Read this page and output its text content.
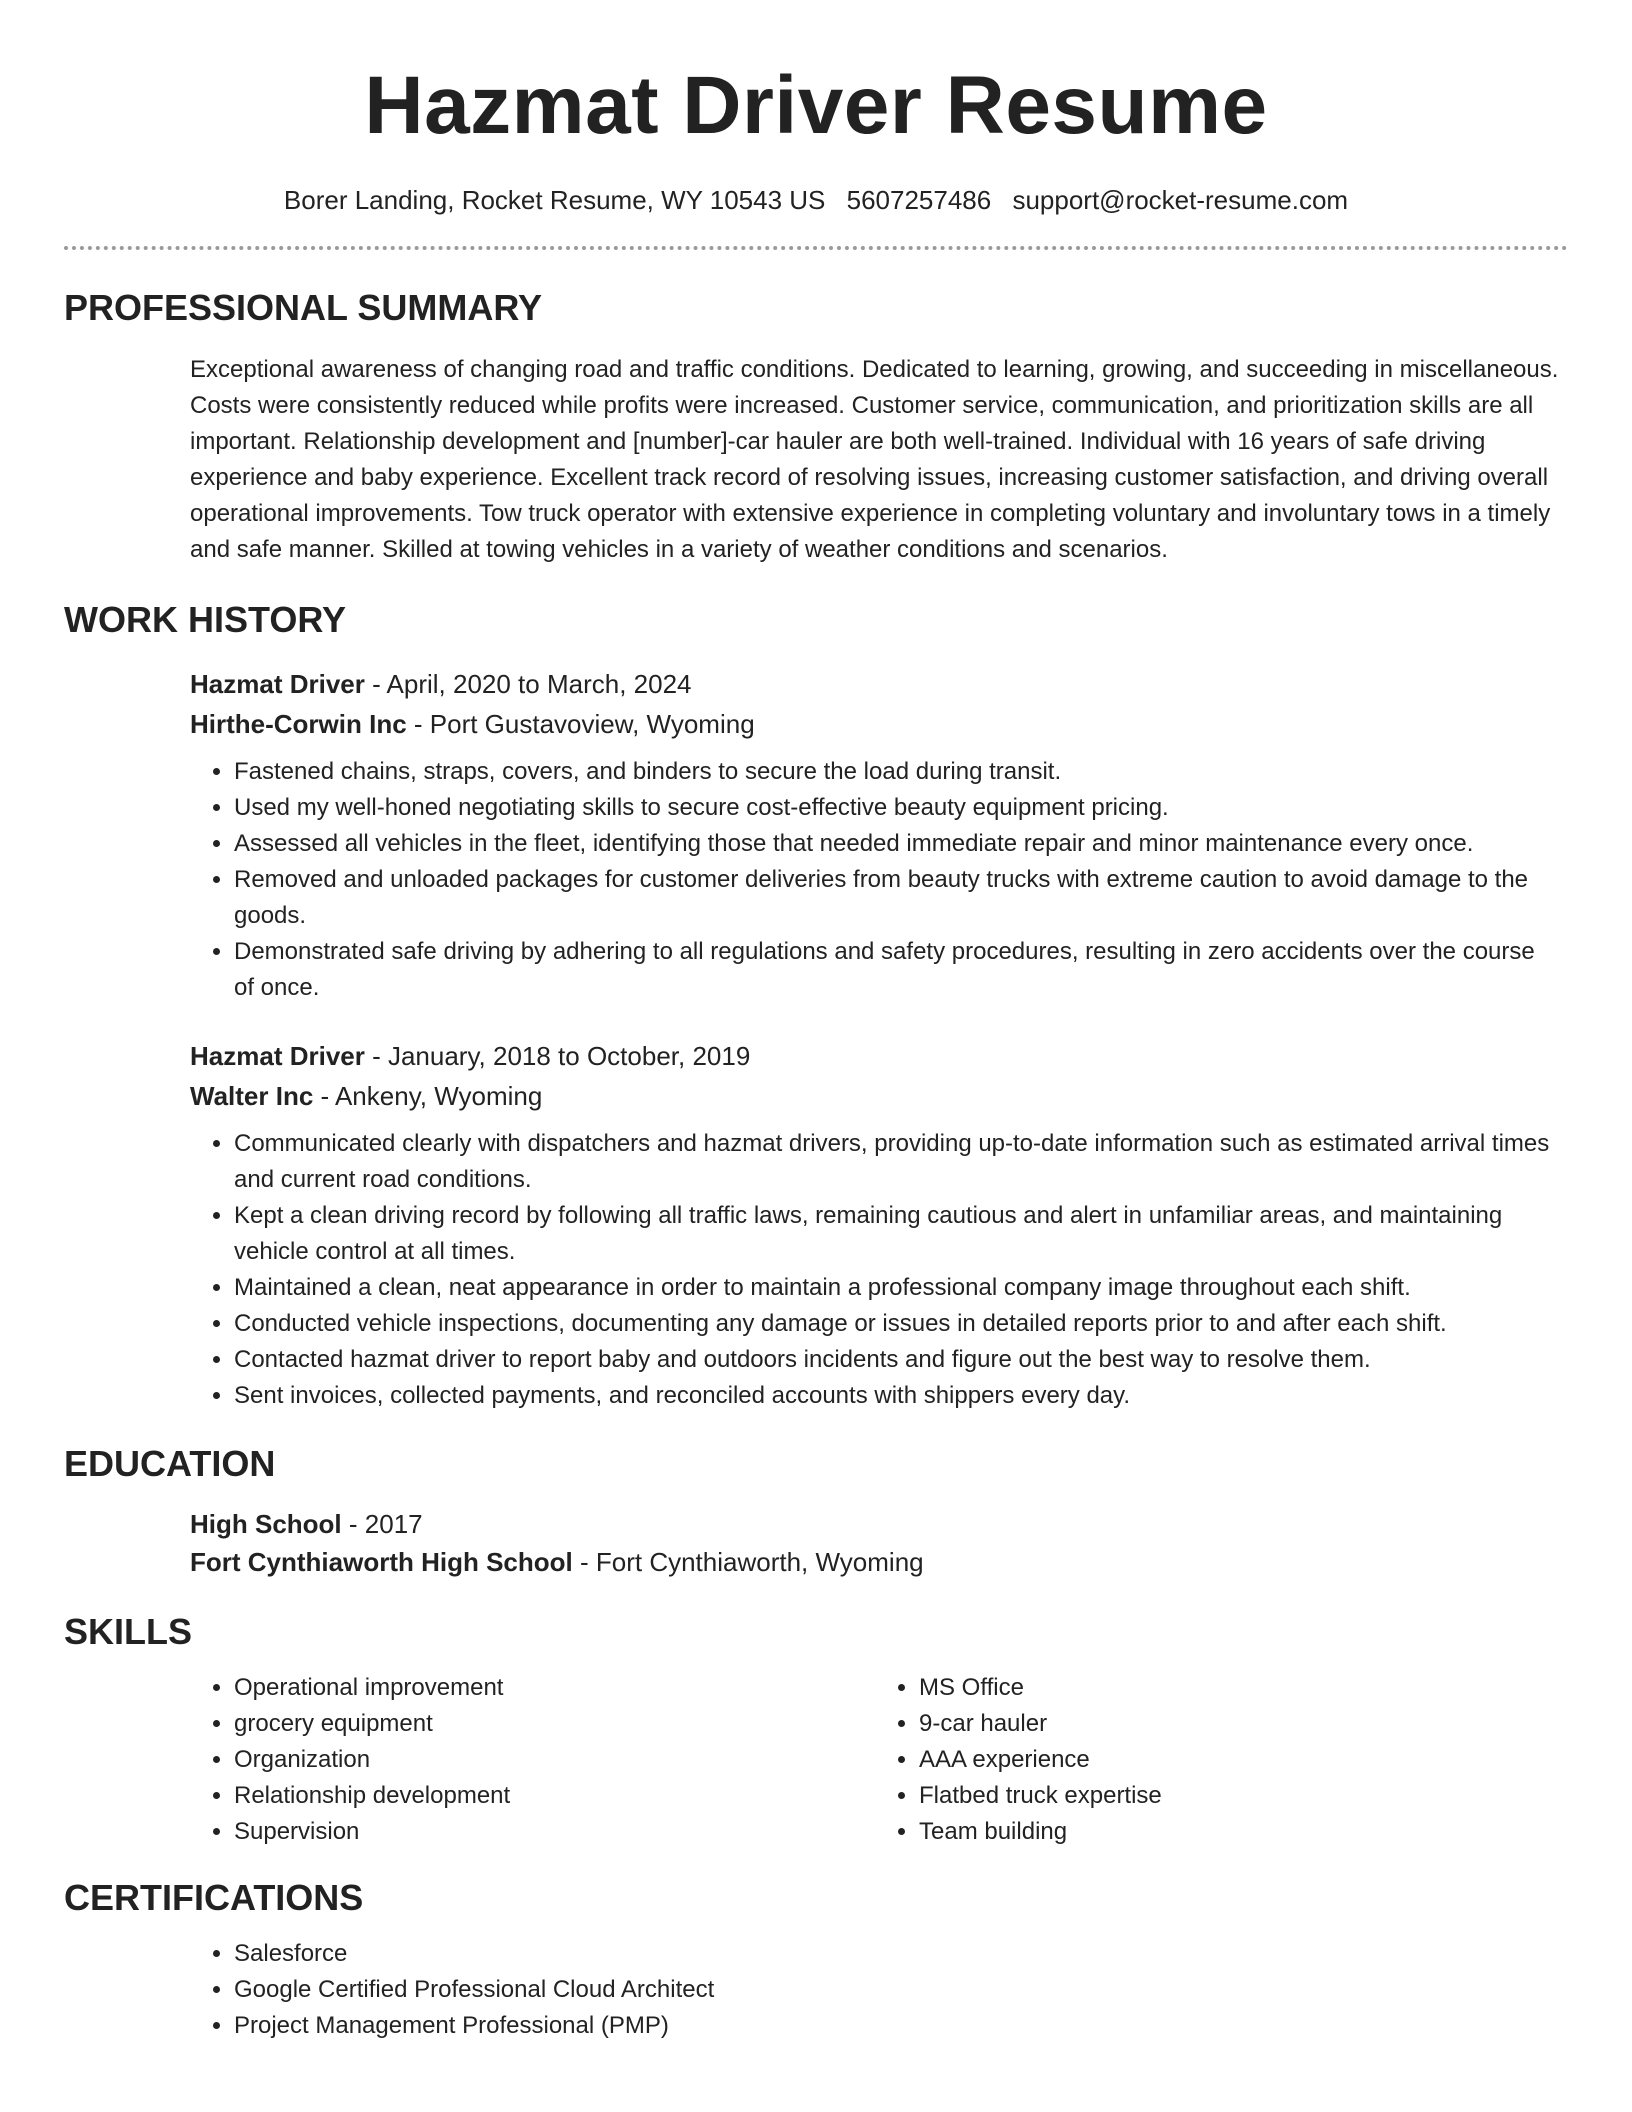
Hazmat Driver Resume
Borer Landing, Rocket Resume, WY 10543 US 5607257486 support@rocket-resume.com
PROFESSIONAL SUMMARY

Exceptional awareness of changing road and traffic conditions. Dedicated to learning, growing, and succeeding in miscellaneous. Costs were consistently reduced while profits were increased. Customer service, communication, and prioritization skills are all important. Relationship development and [number]-car hauler are both well-trained. Individual with 16 years of safe driving experience and baby experience. Excellent track record of resolving issues, increasing customer satisfaction, and driving overall operational improvements. Tow truck operator with extensive experience in completing voluntary and involuntary tows in a timely and safe manner. Skilled at towing vehicles in a variety of weather conditions and scenarios.

WORK HISTORY
Hazmat Driver - April, 2020 to March, 2024
Hirthe-Corwin Inc - Port Gustavoview, Wyoming
• Fastened chains, straps, covers, and binders to secure the load during transit.
• Used my well-honed negotiating skills to secure cost-effective beauty equipment pricing.
• Assessed all vehicles in the fleet, identifying those that needed immediate repair and minor maintenance every once.
• Removed and unloaded packages for customer deliveries from beauty trucks with extreme caution to avoid damage to the goods.
• Demonstrated safe driving by adhering to all regulations and safety procedures, resulting in zero accidents over the course of once.
Hazmat Driver - January, 2018 to October, 2019
Walter Inc - Ankeny, Wyoming
• Communicated clearly with dispatchers and hazmat drivers, providing up-to-date information such as estimated arrival times and current road conditions.
• Kept a clean driving record by following all traffic laws, remaining cautious and alert in unfamiliar areas, and maintaining vehicle control at all times.
• Maintained a clean, neat appearance in order to maintain a professional company image throughout each shift.
• Conducted vehicle inspections, documenting any damage or issues in detailed reports prior to and after each shift.
• Contacted hazmat driver to report baby and outdoors incidents and figure out the best way to resolve them.
• Sent invoices, collected payments, and reconciled accounts with shippers every day.
EDUCATION
High School - 2017
Fort Cynthiaworth High School - Fort Cynthiaworth, Wyoming
SKILLS
• Operational improvement
• grocery equipment
• Organization
• Relationship development
• Supervision
• MS Office
• 9-car hauler
• AAA experience
• Flatbed truck expertise
• Team building
CERTIFICATIONS
• Salesforce
• Google Certified Professional Cloud Architect
• Project Management Professional (PMP)
